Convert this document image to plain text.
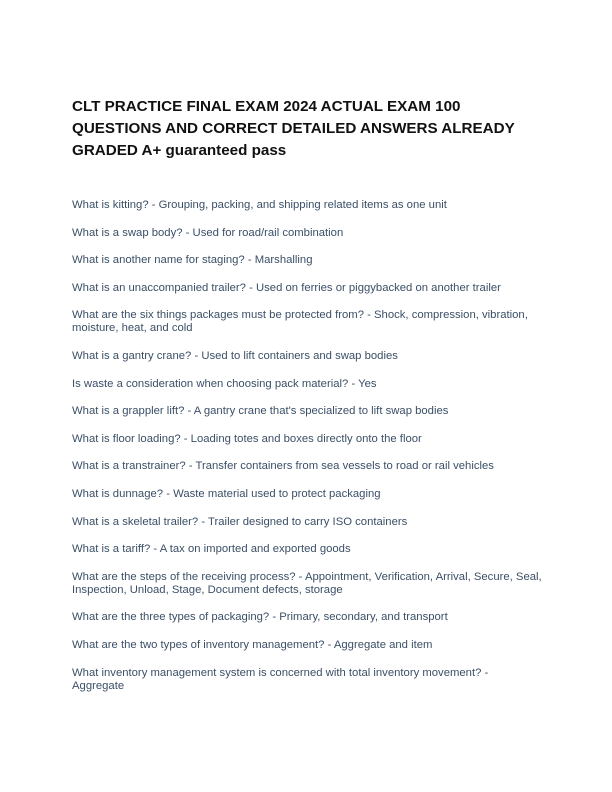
CLT PRACTICE FINAL EXAM 2024 ACTUAL EXAM 100 QUESTIONS AND CORRECT DETAILED ANSWERS ALREADY GRADED A+ guaranteed pass
What is kitting? - Grouping, packing, and shipping related items as one unit
What is a swap body? - Used for road/rail combination
What is another name for staging? - Marshalling
What is an unaccompanied trailer? - Used on ferries or piggybacked on another trailer
What are the six things packages must be protected from? - Shock, compression, vibration, moisture, heat, and cold
What is a gantry crane? - Used to lift containers and swap bodies
Is waste a consideration when choosing pack material? - Yes
What is a grappler lift? - A gantry crane that's specialized to lift swap bodies
What is floor loading? - Loading totes and boxes directly onto the floor
What is a transtrainer? - Transfer containers from sea vessels to road or rail vehicles
What is dunnage? - Waste material used to protect packaging
What is a skeletal trailer? - Trailer designed to carry ISO containers
What is a tariff? - A tax on imported and exported goods
What are the steps of the receiving process? - Appointment, Verification, Arrival, Secure, Seal, Inspection, Unload, Stage, Document defects, storage
What are the three types of packaging? - Primary, secondary, and transport
What are the two types of inventory management? - Aggregate and item
What inventory management system is concerned with total inventory movement? - Aggregate
